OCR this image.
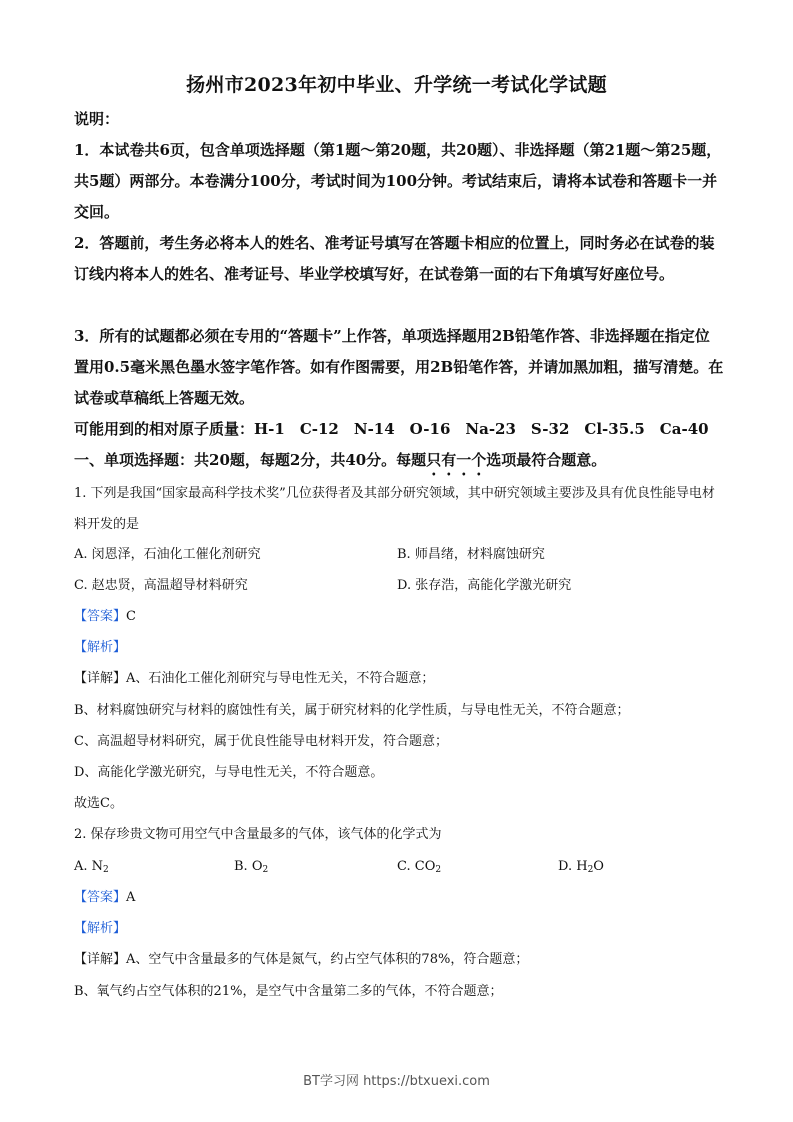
扬州市2023年初中毕业、升学统一考试化学试题
说明：
1．本试卷共6页，包含单项选择题（第1题～第20题，共20题）、非选择题（第21题～第25题，共5题）两部分。本卷满分100分，考试时间为100分钟。考试结束后，请将本试卷和答题卡一并交回。
2．答题前，考生务必将本人的姓名、准考证号填写在答题卡相应的位置上，同时务必在试卷的装订线内将本人的姓名、准考证号、毕业学校填写好，在试卷第一面的右下角填写好座位号。
3．所有的试题都必须在专用的“答题卡”上作答，单项选择题用2B铅笔作答、非选择题在指定位置用0.5毫米黑色墨水签字笔作答。如有作图需要，用2B铅笔作答，并请加黑加粗，描写清楚。在试卷或草稿纸上答题无效。
可能用到的相对原子质量：H-1　C-12　N-14　O-16　Na-23　S-32　Cl-35.5　Ca-40
一、单项选择题：共20题，每题2分，共40分。每题只有一个选项最符合题意。
1. 下列是我国“国家最高科学技术奖”几位获得者及其部分研究领域，其中研究领域主要涉及具有优良性能导电材料开发的是
A. 闵恩泽，石油化工催化剂研究	B. 师昌绪，材料腐蚀研究
C. 赵忠贤，高温超导材料研究	D. 张存浩，高能化学激光研究
【答案】C
【解析】
【详解】A、石油化工催化剂研究与导电性无关，不符合题意；
B、材料腐蚀研究与材料的腐蚀性有关，属于研究材料的化学性质，与导电性无关，不符合题意；
C、高温超导材料研究，属于优良性能导电材料开发，符合题意；
D、高能化学激光研究，与导电性无关，不符合题意。
故选C。
2. 保存珍贵文物可用空气中含量最多的气体，该气体的化学式为
A. $N_2$	B. $O_2$	C. $CO_2$	D. $H_2O$
【答案】A
【解析】
【详解】A、空气中含量最多的气体是氮气，约占空气体积的78%，符合题意；
B、氧气约占空气体积的21%，是空气中含量第二多的气体，不符合题意；
BT学习网 https://btxuexi.com
